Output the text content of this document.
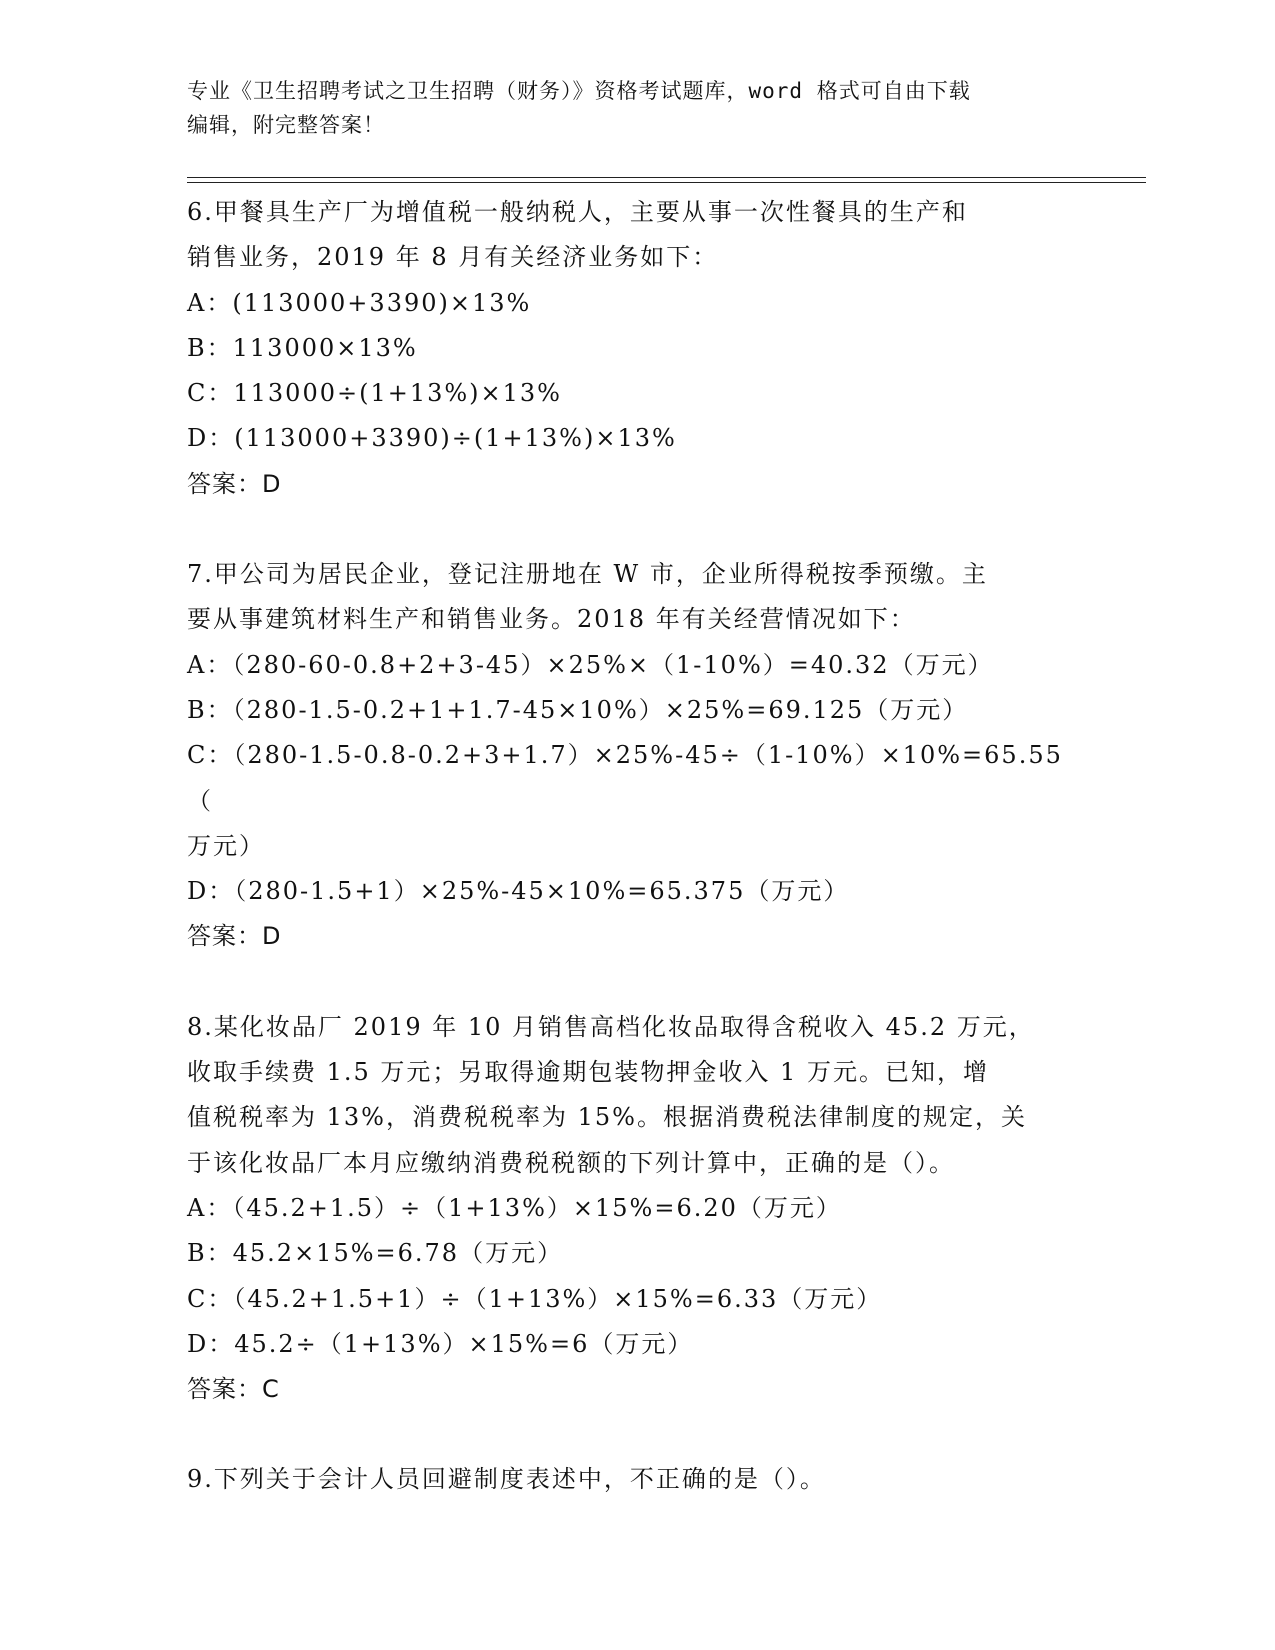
专业《卫生招聘考试之卫生招聘（财务）》资格考试题库，word 格式可自由下载
编辑，附完整答案！
6.甲餐具生产厂为增值税一般纳税人，主要从事一次性餐具的生产和
销售业务，2019 年 8 月有关经济业务如下：
A：(113000+3390)×13%
B：113000×13%
C：113000÷(1+13%)×13%
D：(113000+3390)÷(1+13%)×13%
答案：D
7.甲公司为居民企业，登记注册地在 W 市，企业所得税按季预缴。主
要从事建筑材料生产和销售业务。2018 年有关经营情况如下：
A：（280-60-0.8+2+3-45）×25%×（1-10%）=40.32（万元）
B：（280-1.5-0.2+1+1.7-45×10%）×25%=69.125（万元）
C：（280-1.5-0.8-0.2+3+1.7）×25%-45÷（1-10%）×10%=65.55（
万元）
D：（280-1.5+1）×25%-45×10%=65.375（万元）
答案：D
8.某化妆品厂 2019 年 10 月销售高档化妆品取得含税收入 45.2 万元，
收取手续费 1.5 万元；另取得逾期包装物押金收入 1 万元。已知，增
值税税率为 13%，消费税税率为 15%。根据消费税法律制度的规定，关
于该化妆品厂本月应缴纳消费税税额的下列计算中，正确的是（）。
A：（45.2+1.5）÷（1+13%）×15%=6.20（万元）
B：45.2×15%=6.78（万元）
C：（45.2+1.5+1）÷（1+13%）×15%=6.33（万元）
D：45.2÷（1+13%）×15%=6（万元）
答案：C
9.下列关于会计人员回避制度表述中，不正确的是（）。
